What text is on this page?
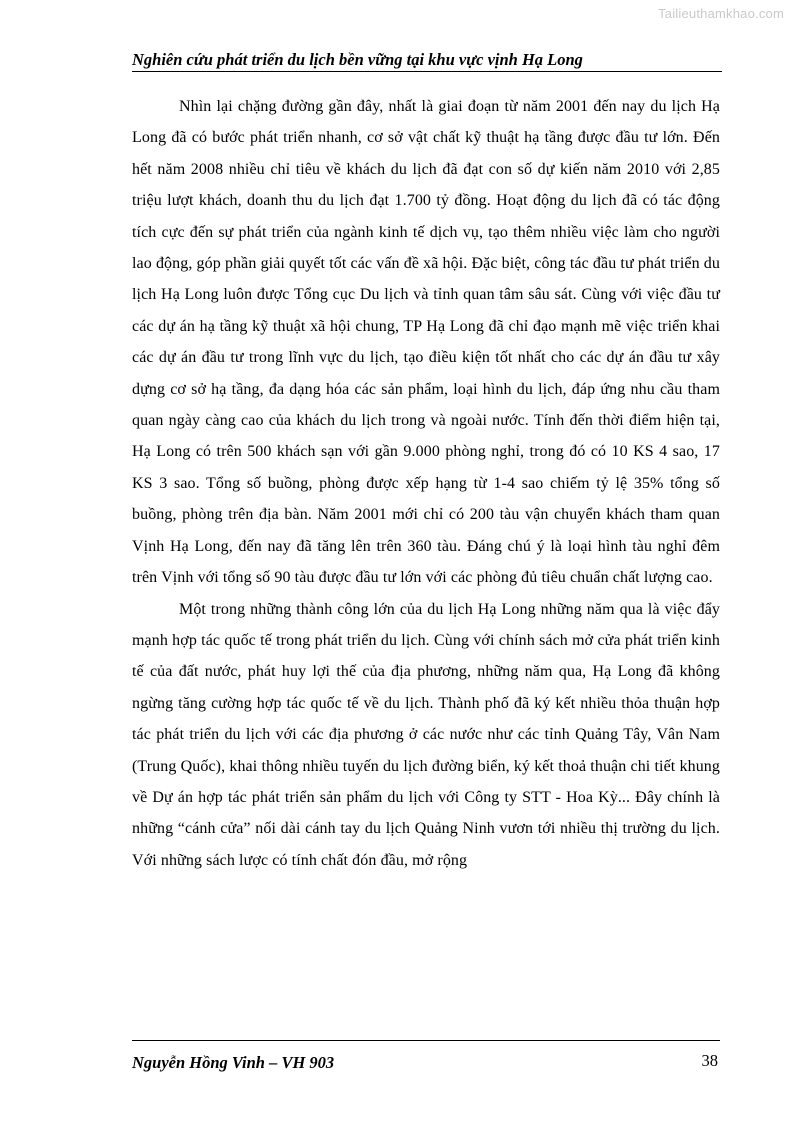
Tailieuthamkhao.com
Nghiên cứu phát triển du lịch bền vững tại khu vực vịnh Hạ Long

Nhìn lại chặng đường gần đây, nhất là giai đoạn từ năm 2001 đến nay du lịch Hạ Long đã có bước phát triển nhanh, cơ sở vật chất kỹ thuật hạ tầng được đầu tư lớn. Đến hết năm 2008 nhiều chỉ tiêu về khách du lịch đã đạt con số dự kiến năm 2010 với 2,85 triệu lượt khách, doanh thu du lịch đạt 1.700 tỷ đồng. Hoạt động du lịch đã có tác động tích cực đến sự phát triển của ngành kinh tế dịch vụ, tạo thêm nhiều việc làm cho người lao động, góp phần giải quyết tốt các vấn đề xã hội. Đặc biệt, công tác đầu tư phát triển du lịch Hạ Long luôn được Tổng cục Du lịch và tỉnh quan tâm sâu sát. Cùng với việc đầu tư các dự án hạ tầng kỹ thuật xã hội chung, TP Hạ Long đã chỉ đạo mạnh mẽ việc triển khai các dự án đầu tư trong lĩnh vực du lịch, tạo điều kiện tốt nhất cho các dự án đầu tư xây dựng cơ sở hạ tầng, đa dạng hóa các sản phẩm, loại hình du lịch, đáp ứng nhu cầu tham quan ngày càng cao của khách du lịch trong và ngoài nước. Tính đến thời điểm hiện tại, Hạ Long có trên 500 khách sạn với gần 9.000 phòng nghỉ, trong đó có 10 KS 4 sao, 17 KS 3 sao. Tổng số buồng, phòng được xếp hạng từ 1-4 sao chiếm tỷ lệ 35% tổng số buồng, phòng trên địa bàn. Năm 2001 mới chỉ có 200 tàu vận chuyển khách tham quan Vịnh Hạ Long, đến nay đã tăng lên trên 360 tàu. Đáng chú ý là loại hình tàu nghỉ đêm trên Vịnh với tổng số 90 tàu được đầu tư lớn với các phòng đủ tiêu chuẩn chất lượng cao.

Một trong những thành công lớn của du lịch Hạ Long những năm qua là việc đẩy mạnh hợp tác quốc tế trong phát triển du lịch. Cùng với chính sách mở cửa phát triển kinh tế của đất nước, phát huy lợi thế của địa phương, những năm qua, Hạ Long đã không ngừng tăng cường hợp tác quốc tế về du lịch. Thành phố đã ký kết nhiều thỏa thuận hợp tác phát triển du lịch với các địa phương ở các nước như các tỉnh Quảng Tây, Vân Nam (Trung Quốc), khai thông nhiều tuyến du lịch đường biển, ký kết thoả thuận chi tiết khung về Dự án hợp tác phát triển sản phẩm du lịch với Công ty STT - Hoa Kỳ... Đây chính là những “cánh cửa” nối dài cánh tay du lịch Quảng Ninh vươn tới nhiều thị trường du lịch. Với những sách lược có tính chất đón đầu, mở rộng

Nguyễn Hồng Vinh – VH 903	38
